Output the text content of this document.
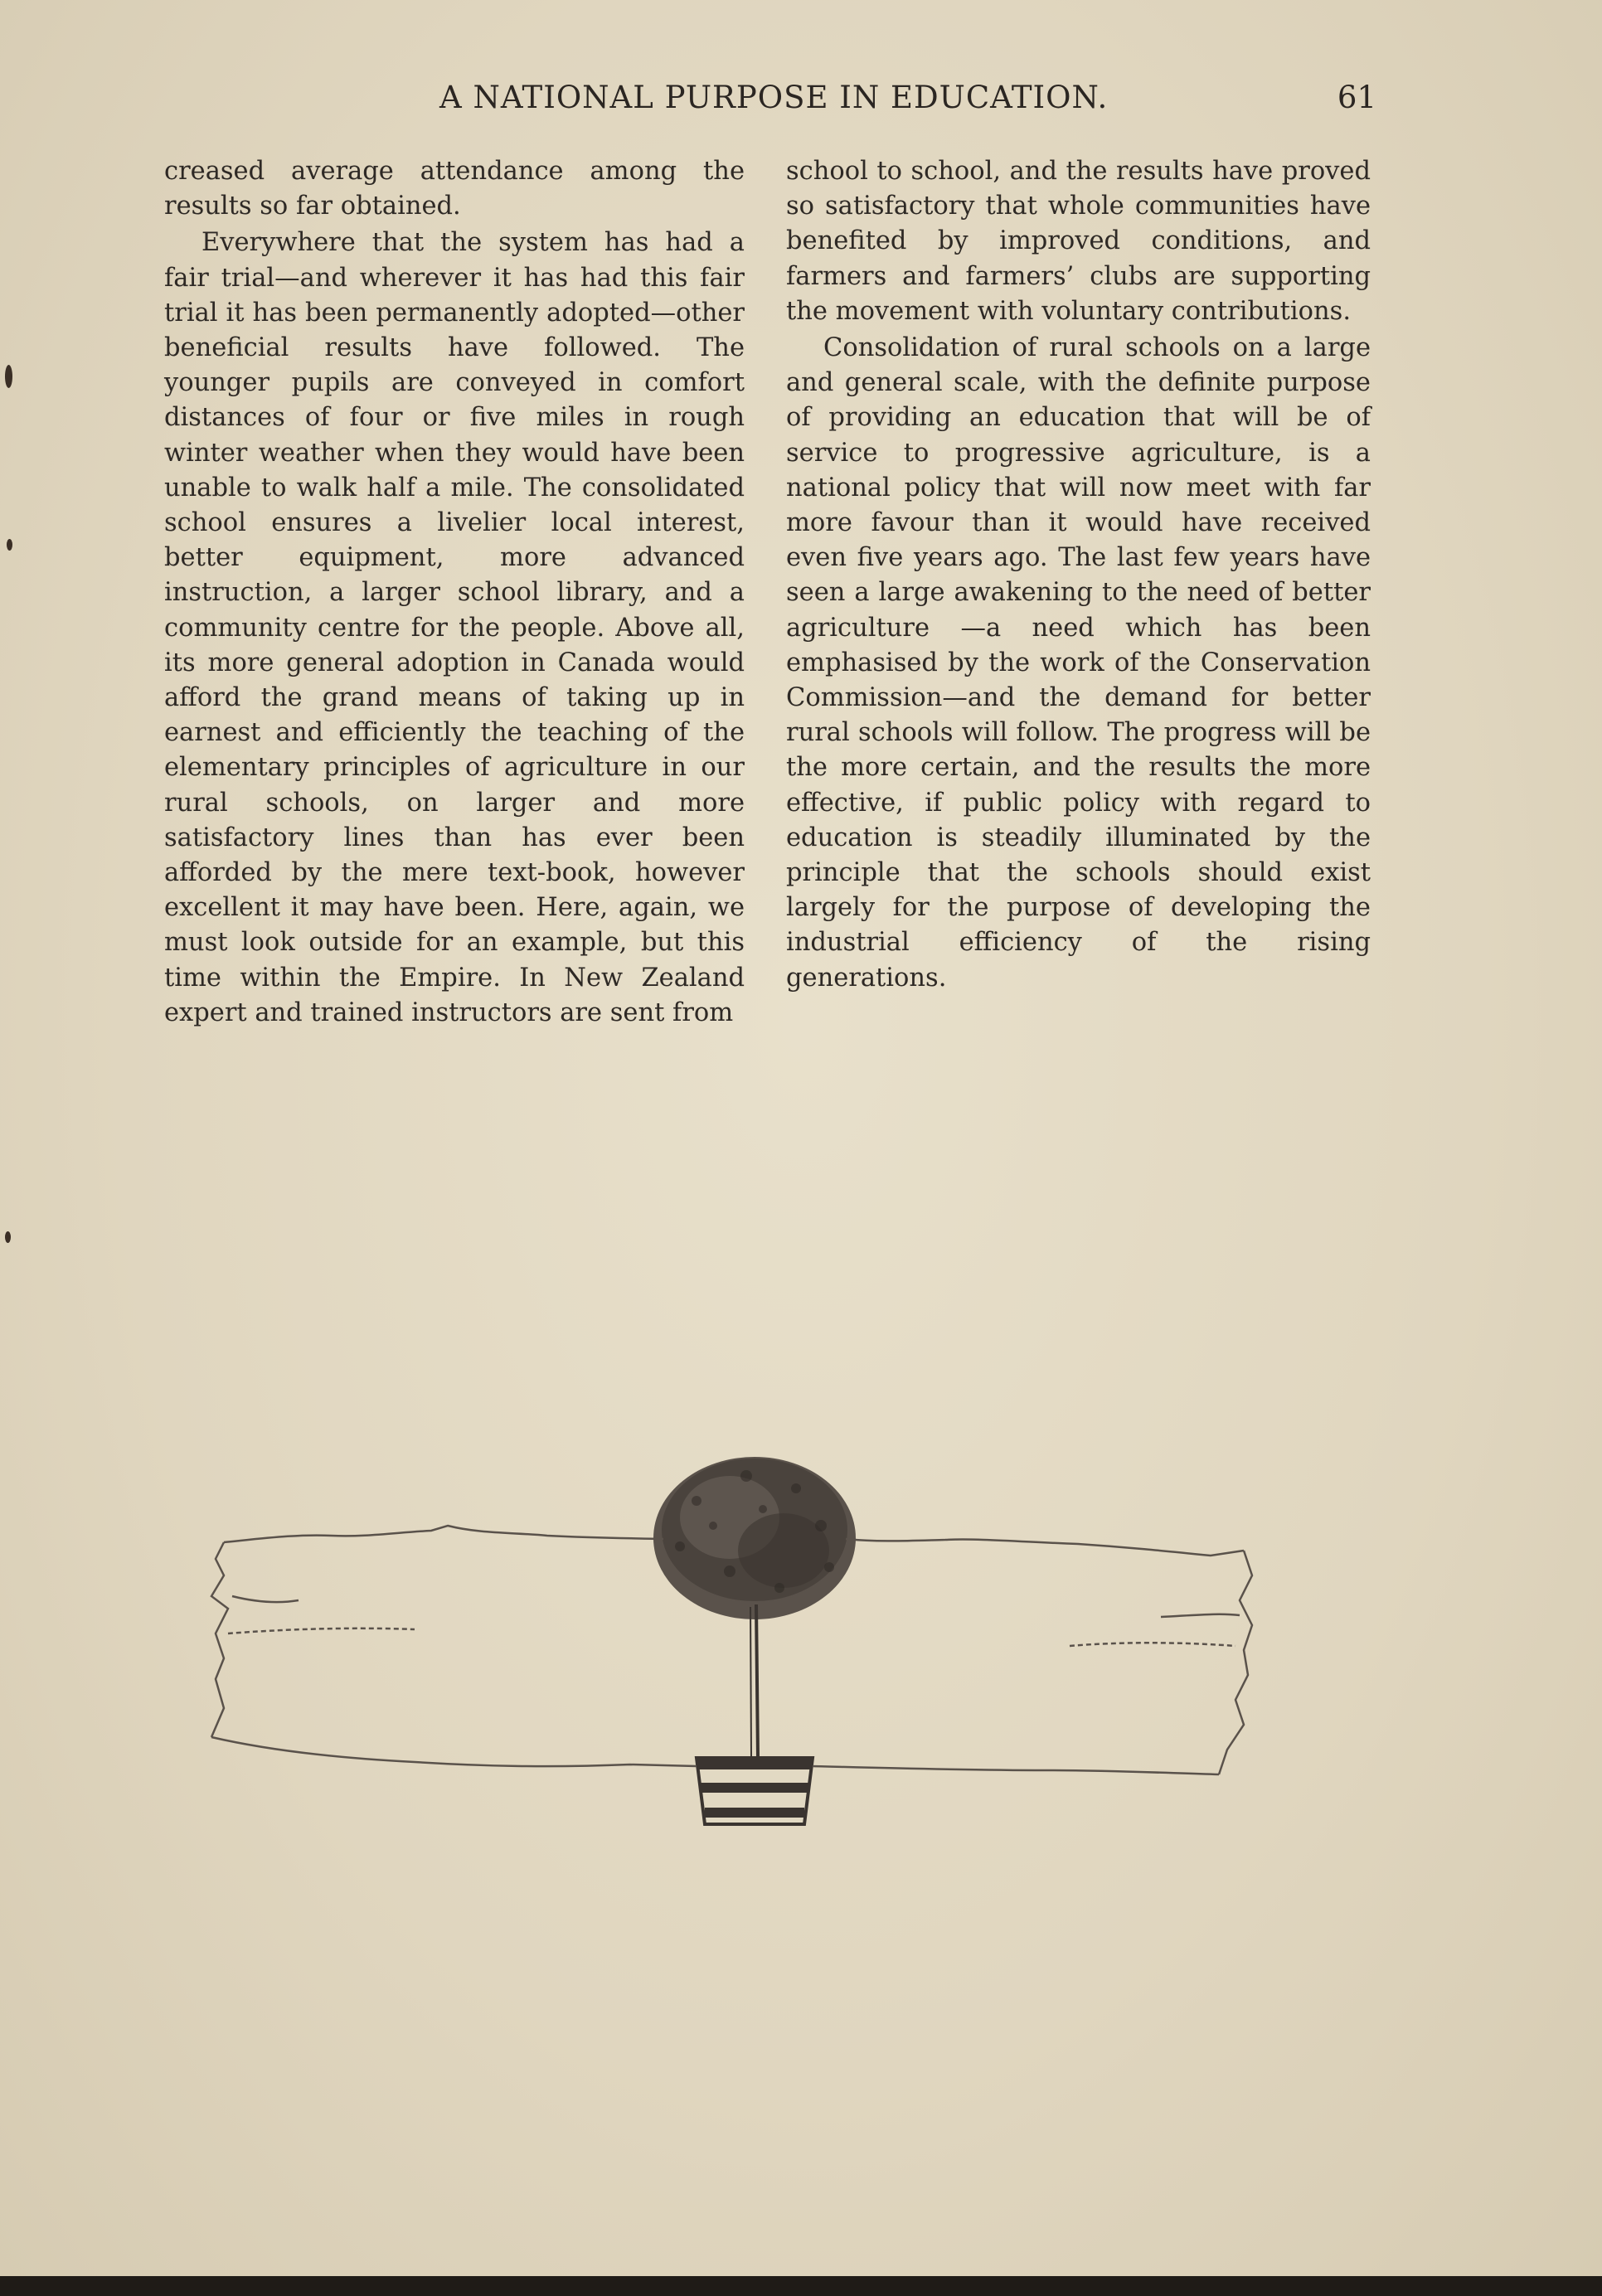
A NATIONAL PURPOSE IN EDUCATION.	61

creased average attendance among the results so far obtained.

Everywhere that the system has had a fair trial—and wherever it has had this fair trial it has been permanently adopted—other beneficial results have followed. The younger pupils are conveyed in comfort distances of four or five miles in rough winter weather when they would have been unable to walk half a mile. The consolidated school ensures a livelier local interest, better equipment, more advanced instruction, a larger school library, and a community centre for the people. Above all, its more general adoption in Canada would afford the grand means of taking up in earnest and efficiently the teaching of the elementary principles of agriculture in our rural schools, on larger and more satisfactory lines than has ever been afforded by the mere text-book, however excellent it may have been. Here, again, we must look outside for an example, but this time within the Empire. In New Zealand expert and trained instructors are sent from

school to school, and the results have proved so satisfactory that whole communities have benefited by improved conditions, and farmers and farmers’ clubs are supporting the movement with voluntary contributions.

Consolidation of rural schools on a large and general scale, with the definite purpose of providing an education that will be of service to progressive agriculture, is a national policy that will now meet with far more favour than it would have received even five years ago. The last few years have seen a large awakening to the need of better agriculture —a need which has been emphasised by the work of the Conservation Commission—and the demand for better rural schools will follow. The progress will be the more certain, and the results the more effective, if public policy with regard to education is steadily illuminated by the principle that the schools should exist largely for the purpose of developing the industrial efficiency of the rising generations.
